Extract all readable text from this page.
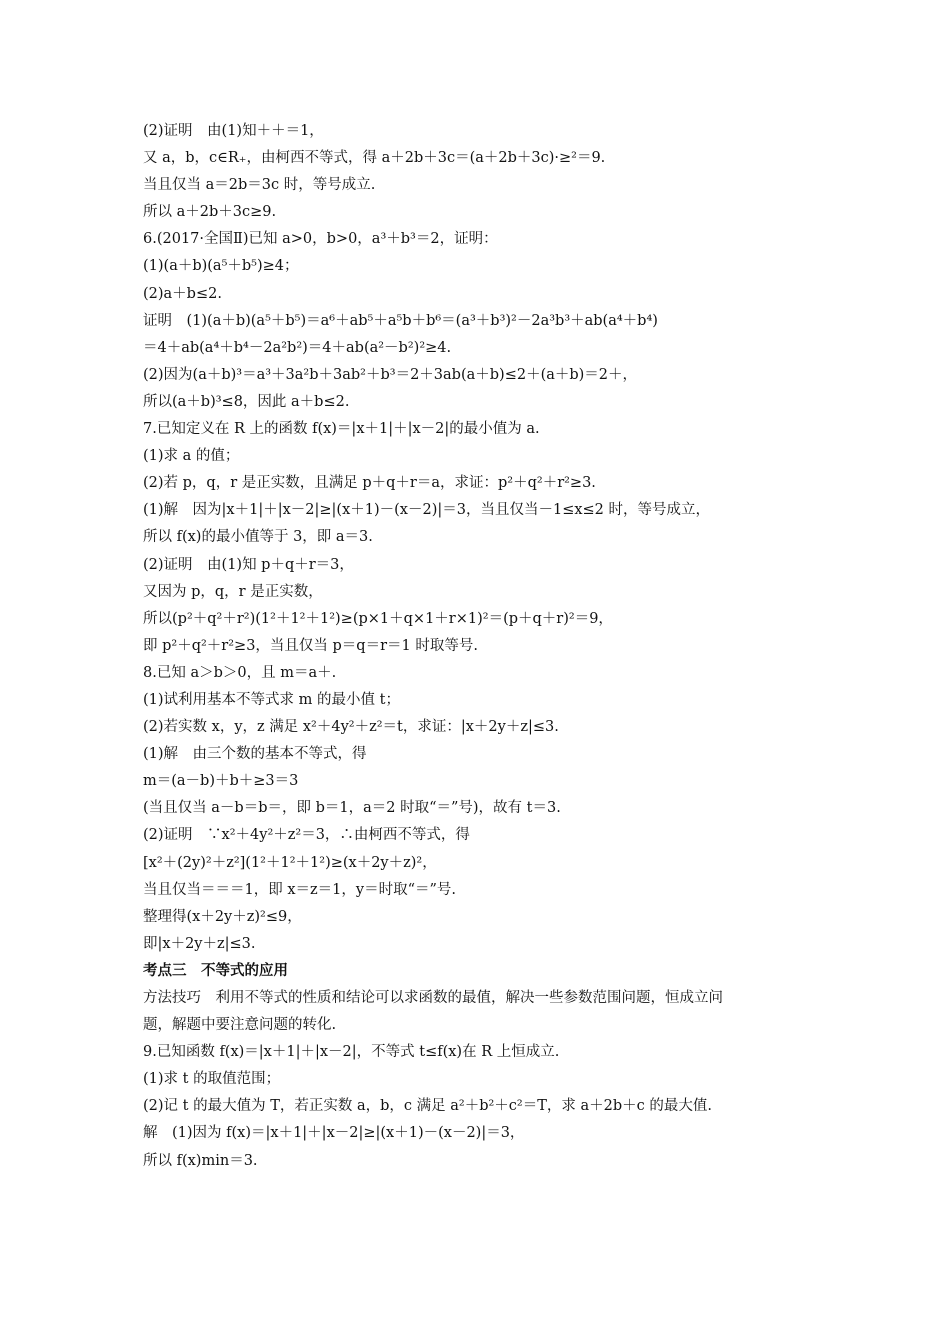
(2)证明　由(1)知＋＋＝1，
又 a，b，c∈R₊，由柯西不等式，得 a＋2b＋3c＝(a＋2b＋3c)·≥²＝9.
当且仅当 a＝2b＝3c 时，等号成立.
所以 a＋2b＋3c≥9.
6.(2017·全国Ⅱ)已知 a>0，b>0，a³＋b³＝2，证明：
(1)(a＋b)(a⁵＋b⁵)≥4；
(2)a＋b≤2.
证明　(1)(a＋b)(a⁵＋b⁵)＝a⁶＋ab⁵＋a⁵b＋b⁶＝(a³＋b³)²－2a³b³＋ab(a⁴＋b⁴)
＝4＋ab(a⁴＋b⁴－2a²b²)＝4＋ab(a²－b²)²≥4.
(2)因为(a＋b)³＝a³＋3a²b＋3ab²＋b³＝2＋3ab(a＋b)≤2＋(a＋b)＝2＋，
所以(a＋b)³≤8，因此 a＋b≤2.
7.已知定义在 R 上的函数 f(x)＝|x＋1|＋|x－2|的最小值为 a.
(1)求 a 的值；
(2)若 p，q，r 是正实数，且满足 p＋q＋r＝a，求证：p²＋q²＋r²≥3.
(1)解　因为|x＋1|＋|x－2|≥|(x＋1)－(x－2)|＝3，当且仅当－1≤x≤2 时，等号成立，
所以 f(x)的最小值等于 3，即 a＝3.
(2)证明　由(1)知 p＋q＋r＝3，
又因为 p，q，r 是正实数，
所以(p²＋q²＋r²)(1²＋1²＋1²)≥(p×1＋q×1＋r×1)²＝(p＋q＋r)²＝9，
即 p²＋q²＋r²≥3，当且仅当 p＝q＝r＝1 时取等号.
8.已知 a＞b＞0，且 m＝a＋.
(1)试利用基本不等式求 m 的最小值 t；
(2)若实数 x，y，z 满足 x²＋4y²＋z²＝t，求证：|x＋2y＋z|≤3.
(1)解　由三个数的基本不等式，得
m＝(a－b)＋b＋≥3＝3
(当且仅当 a－b＝b＝，即 b＝1，a＝2 时取“＝”号)，故有 t＝3.
(2)证明　∵x²＋4y²＋z²＝3，∴由柯西不等式，得
[x²＋(2y)²＋z²](1²＋1²＋1²)≥(x＋2y＋z)²，
当且仅当＝＝＝1，即 x＝z＝1，y＝时取“＝”号.
整理得(x＋2y＋z)²≤9，
即|x＋2y＋z|≤3.
考点三　不等式的应用
方法技巧　利用不等式的性质和结论可以求函数的最值，解决一些参数范围问题，恒成立问
题，解题中要注意问题的转化.
9.已知函数 f(x)＝|x＋1|＋|x－2|，不等式 t≤f(x)在 R 上恒成立.
(1)求 t 的取值范围；
(2)记 t 的最大值为 T，若正实数 a，b，c 满足 a²＋b²＋c²＝T，求 a＋2b＋c 的最大值.
解　(1)因为 f(x)＝|x＋1|＋|x－2|≥|(x＋1)－(x－2)|＝3，
所以 f(x)min＝3.
